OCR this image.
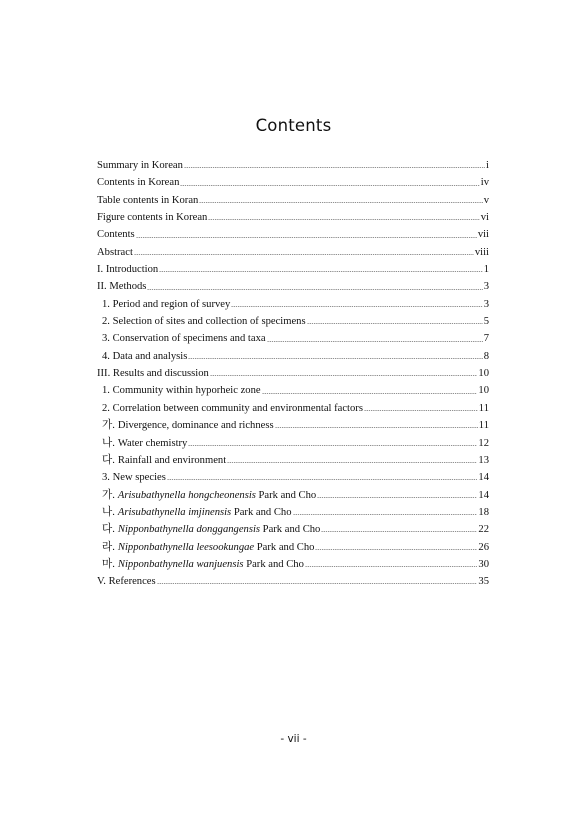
Contents
Summary in Korean	i
Contents in Korean	iv
Table contents in Koran	v
Figure contents in Korean	vi
Contents	vii
Abstract	viii
I. Introduction	1
II. Methods	3
1. Period and region of survey	3
2. Selection of sites and collection of specimens	5
3. Conservation of specimens and taxa	7
4. Data and analysis	8
III. Results and discussion	10
1. Community within hyporheic zone	10
2. Correlation between community and environmental factors	11
가. Divergence, dominance and richness	11
나. Water chemistry	12
다. Rainfall and environment	13
3. New species	14
가. Arisubathynella hongcheonensis Park and Cho	14
나. Arisubathynella imjinensis Park and Cho	18
다. Nipponbathynella donggangensis Park and Cho	22
라. Nipponbathynella leesookungae Park and Cho	26
마. Nipponbathynella wanjuensis Park and Cho	30
V. References	35
- vii -
